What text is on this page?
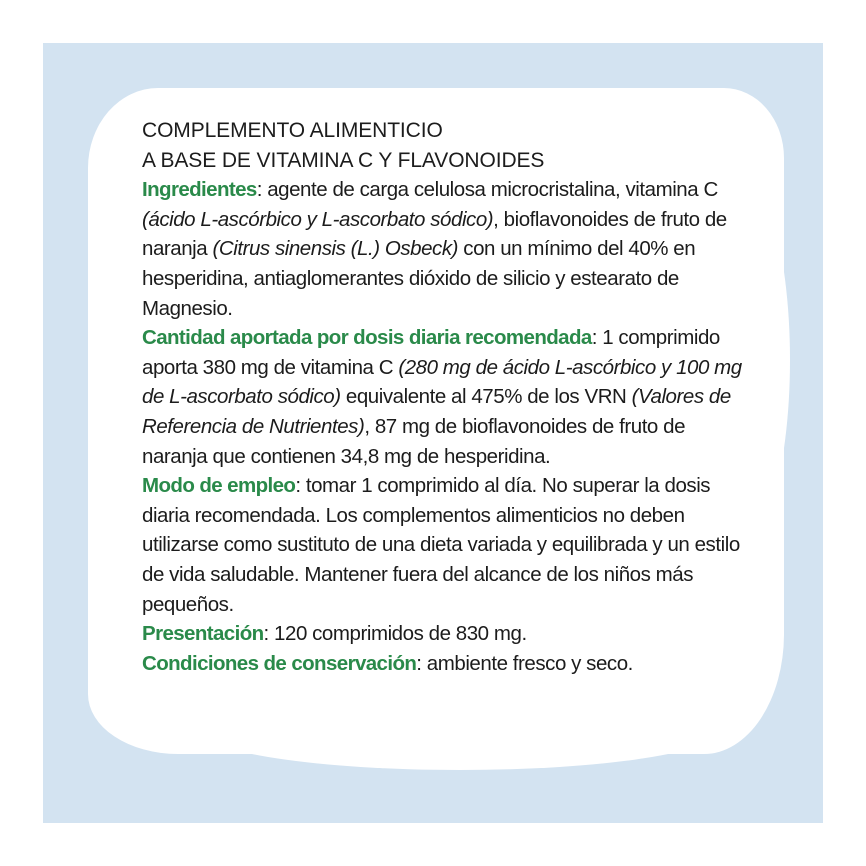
COMPLEMENTO ALIMENTICIO

A BASE DE VITAMINA C Y FLAVONOIDES

Ingredientes: agente de carga celulosa microcristalina, vitamina C (ácido L-ascórbico y L-ascorbato sódico), bioflavonoides de fruto de naranja (Citrus sinensis (L.) Osbeck) con un mínimo del 40% en hesperidina, antiaglomerantes dióxido de silicio y estearato de Magnesio.

Cantidad aportada por dosis diaria recomendada: 1 comprimido aporta 380 mg de vitamina C (280 mg de ácido L-ascórbico y 100 mg de L-ascorbato sódico) equivalente al 475% de los VRN (Valores de Referencia de Nutrientes), 87 mg de bioflavonoides de fruto de naranja que contienen 34,8 mg de hesperidina.

Modo de empleo: tomar 1 comprimido al día. No superar la dosis diaria recomendada. Los complementos alimenticios no deben utilizarse como sustituto de una dieta variada y equilibrada y un estilo de vida saludable. Mantener fuera del alcance de los niños más pequeños.

Presentación: 120 comprimidos de 830 mg.

Condiciones de conservación: ambiente fresco y seco.
